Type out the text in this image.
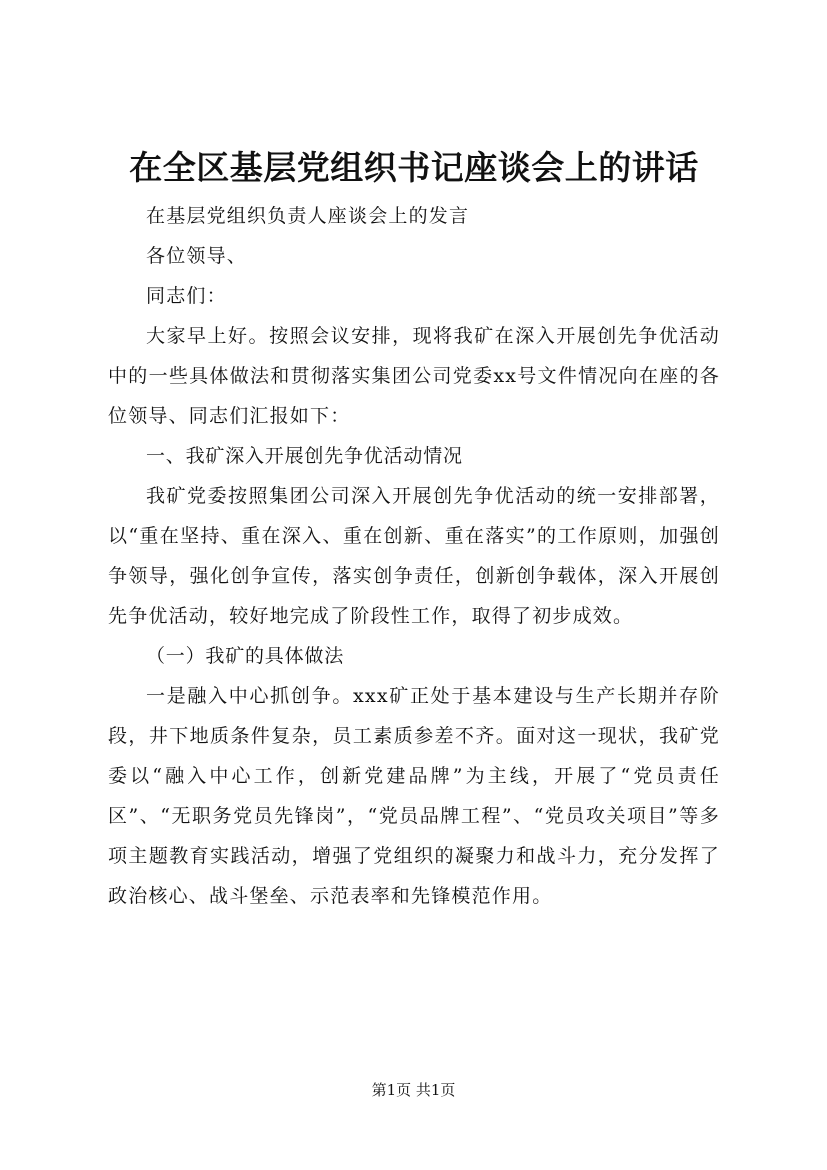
在全区基层党组织书记座谈会上的讲话

在基层党组织负责人座谈会上的发言

各位领导、

同志们：

大家早上好。按照会议安排，现将我矿在深入开展创先争优活动中的一些具体做法和贯彻落实集团公司党委xx号文件情况向在座的各位领导、同志们汇报如下：

一、我矿深入开展创先争优活动情况

我矿党委按照集团公司深入开展创先争优活动的统一安排部署，以“重在坚持、重在深入、重在创新、重在落实”的工作原则，加强创争领导，强化创争宣传，落实创争责任，创新创争载体，深入开展创先争优活动，较好地完成了阶段性工作，取得了初步成效。

（一）我矿的具体做法

一是融入中心抓创争。xxx矿正处于基本建设与生产长期并存阶段，井下地质条件复杂，员工素质参差不齐。面对这一现状，我矿党委以“融入中心工作，创新党建品牌”为主线，开展了“党员责任区”、“无职务党员先锋岗”，“党员品牌工程”、“党员攻关项目”等多项主题教育实践活动，增强了党组织的凝聚力和战斗力，充分发挥了政治核心、战斗堡垒、示范表率和先锋模范作用。

第1页 共1页
